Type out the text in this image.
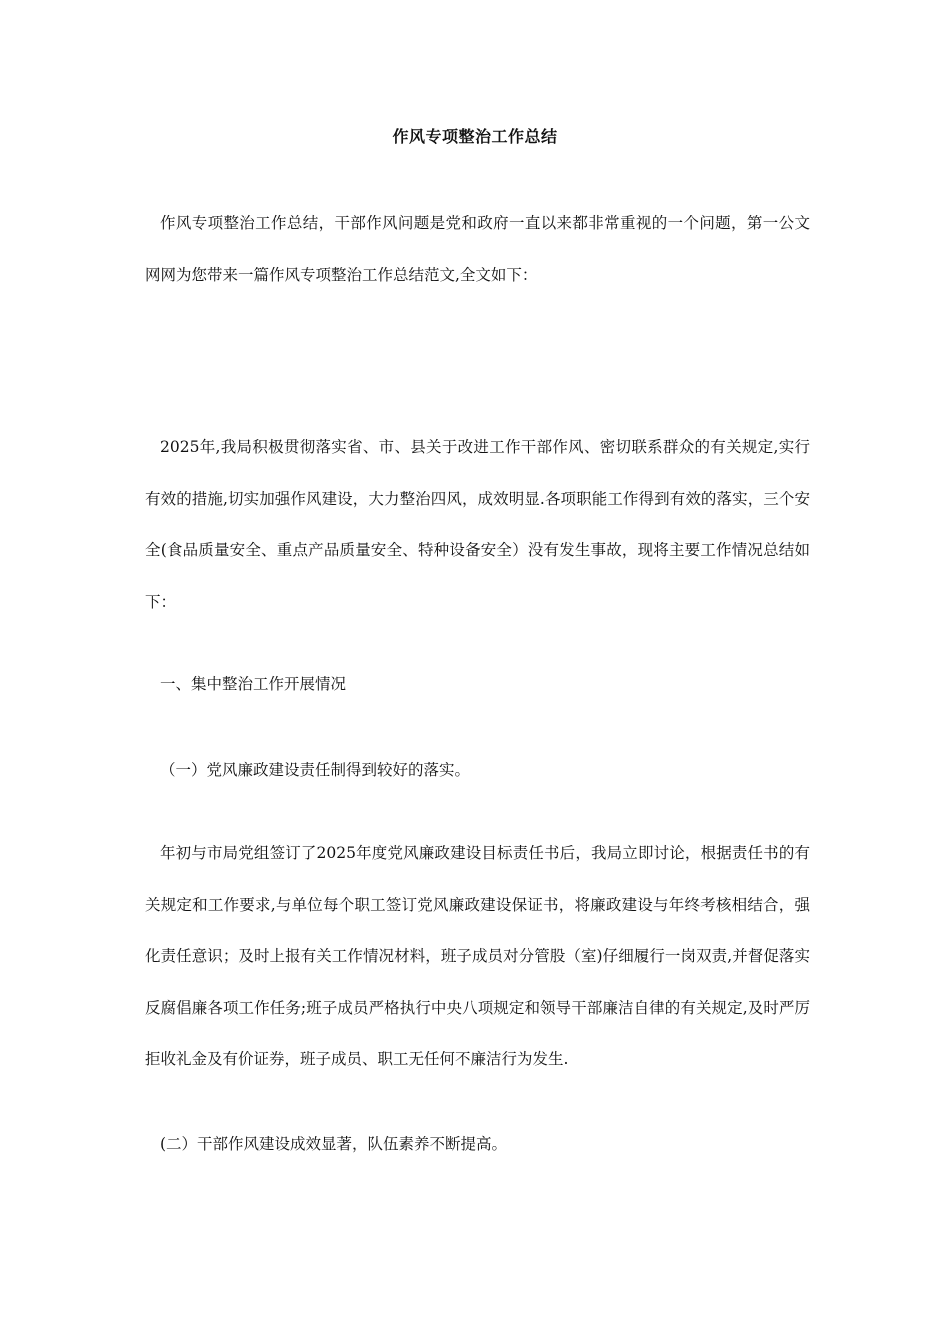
作风专项整治工作总结

作风专项整治工作总结，干部作风问题是党和政府一直以来都非常重视的一个问题，第一公文网网为您带来一篇作风专项整治工作总结范文,全文如下：

2025年,我局积极贯彻落实省、市、县关于改进工作干部作风、密切联系群众的有关规定,实行有效的措施,切实加强作风建设，大力整治四风，成效明显.各项职能工作得到有效的落实，三个安全(食品质量安全、重点产品质量安全、特种设备安全）没有发生事故，现将主要工作情况总结如下：

一、集中整治工作开展情况

（一）党风廉政建设责任制得到较好的落实。

年初与市局党组签订了2025年度党风廉政建设目标责任书后，我局立即讨论，根据责任书的有关规定和工作要求,与单位每个职工签订党风廉政建设保证书，将廉政建设与年终考核相结合，强化责任意识；及时上报有关工作情况材料，班子成员对分管股（室)仔细履行一岗双责,并督促落实反腐倡廉各项工作任务;班子成员严格执行中央八项规定和领导干部廉洁自律的有关规定,及时严厉拒收礼金及有价证券，班子成员、职工无任何不廉洁行为发生.

(二）干部作风建设成效显著，队伍素养不断提高。
